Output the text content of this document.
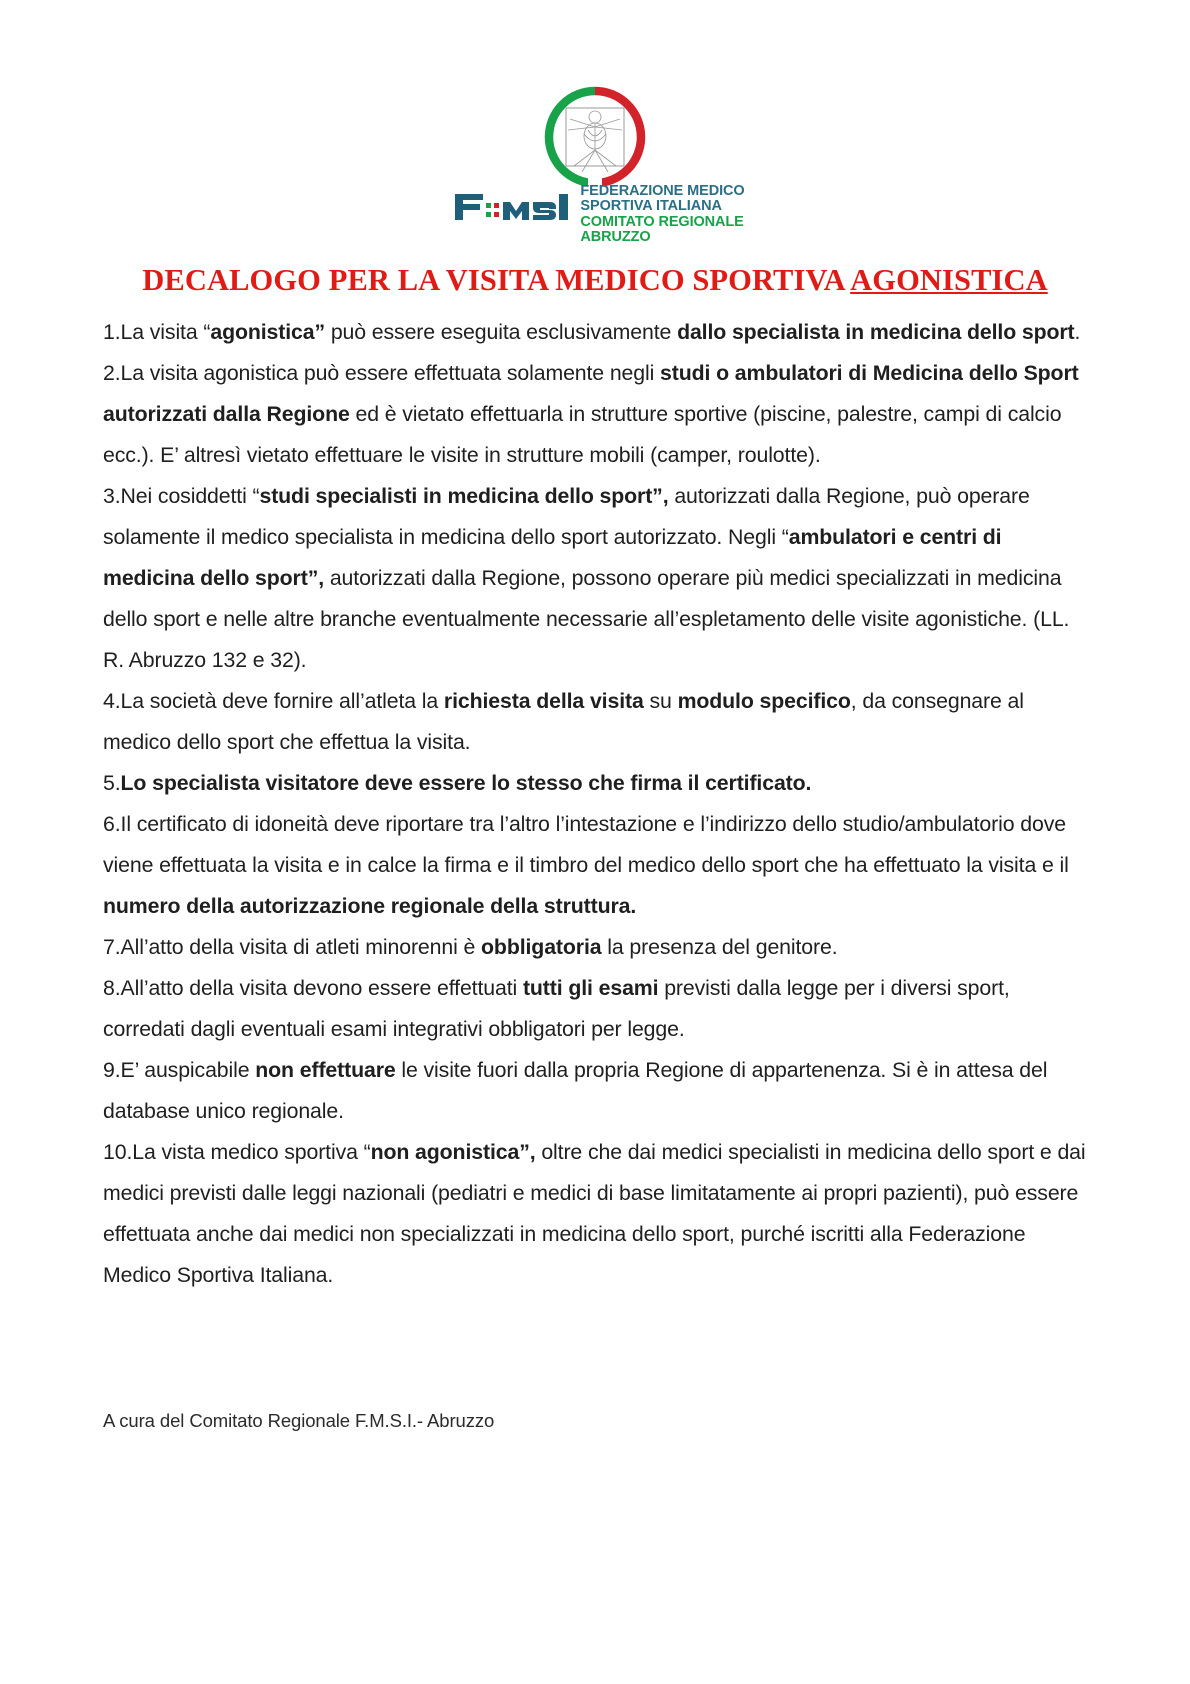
FEDERAZIONE MEDICO
SPORTIVA ITALIANA
COMITATO REGIONALE
ABRUZZO
DECALOGO PER LA VISITA MEDICO SPORTIVA AGONISTICA

1.La visita “agonistica” può essere eseguita esclusivamente dallo specialista in medicina dello sport.

2.La visita agonistica può essere effettuata solamente negli studi o ambulatori di Medicina dello Sport autorizzati dalla Regione ed è vietato effettuarla in strutture sportive (piscine, palestre, campi di calcio ecc.). E’ altresì vietato effettuare le visite in strutture mobili (camper, roulotte).

3.Nei cosiddetti “studi specialisti in medicina dello sport”, autorizzati dalla Regione, può operare solamente il medico specialista in medicina dello sport autorizzato. Negli “ambulatori e centri di medicina dello sport”, autorizzati dalla Regione, possono operare più medici specializzati in medicina dello sport e nelle altre branche eventualmente necessarie all’espletamento delle visite agonistiche. (LL. R. Abruzzo 132 e 32).

4.La società deve fornire all’atleta la richiesta della visita su modulo specifico, da consegnare al medico dello sport che effettua la visita.

5.Lo specialista visitatore deve essere lo stesso che firma il certificato.

6.Il certificato di idoneità deve riportare tra l’altro l’intestazione e l’indirizzo dello studio/ambulatorio dove viene effettuata la visita e in calce la firma e il timbro del medico dello sport che ha effettuato la visita e il numero della autorizzazione regionale della struttura.

7.All’atto della visita di atleti minorenni è obbligatoria la presenza del genitore.

8.All’atto della visita devono essere effettuati tutti gli esami previsti dalla legge per i diversi sport, corredati dagli eventuali esami integrativi obbligatori per legge.

9.E’ auspicabile non effettuare le visite fuori dalla propria Regione di appartenenza. Si è in attesa del database unico regionale.

10.La vista medico sportiva “non agonistica”, oltre che dai medici specialisti in medicina dello sport e dai medici previsti dalle leggi nazionali (pediatri e medici di base limitatamente ai propri pazienti), può essere effettuata anche dai medici non specializzati in medicina dello sport, purché iscritti alla Federazione Medico Sportiva Italiana.

A cura del Comitato Regionale F.M.S.I.- Abruzzo
